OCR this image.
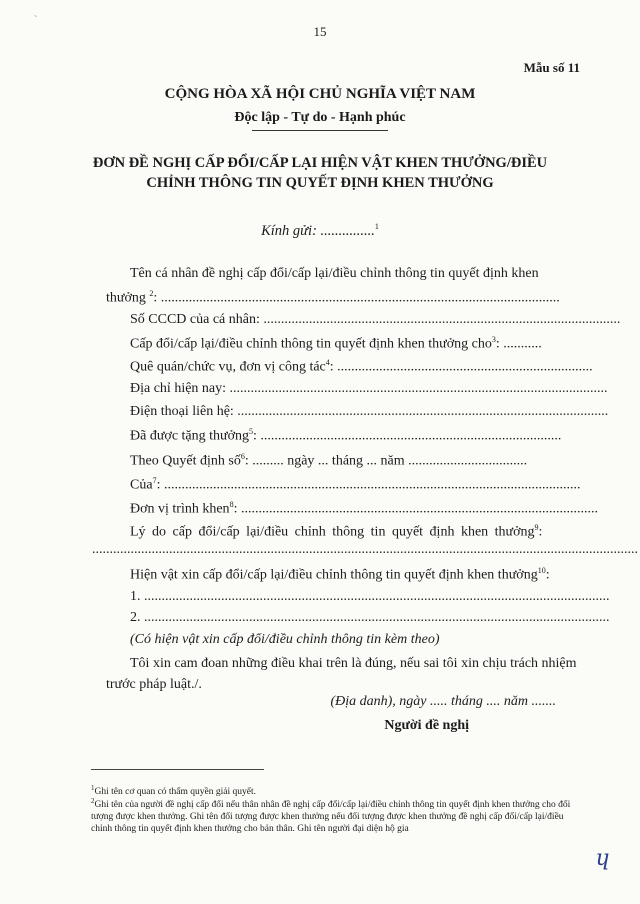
`
15
Mẫu số 11
CỘNG HÒA XÃ HỘI CHỦ NGHĨA VIỆT NAM
Độc lập - Tự do - Hạnh phúc
ĐƠN ĐỀ NGHỊ CẤP ĐỔI/CẤP LẠI HIỆN VẬT KHEN THƯỞNG/ĐIỀU
CHỈNH THÔNG TIN QUYẾT ĐỊNH KHEN THƯỞNG
Kính gửi: ...............$^1$
Tên cá nhân đề nghị cấp đổi/cấp lại/điều chỉnh thông tin quyết định khen
thưởng $^2$: ..................................................................................................................
Số CCCD của cá nhân: ......................................................................................................
Cấp đổi/cấp lại/điều chỉnh thông tin quyết định khen thưởng cho$^3$: ...........
Quê quán/chức vụ, đơn vị công tác$^4$: .........................................................................
Địa chỉ hiện nay: ............................................................................................................
Điện thoại liên hệ: ..........................................................................................................
Đã được tặng thưởng$^5$: ......................................................................................
Theo Quyết định số$^6$: ......... ngày ... tháng ... năm ..................................
Của$^7$: .......................................................................................................................
Đơn vị trình khen$^8$: ......................................................................................................
Lý do cấp đổi/cấp lại/điều chỉnh thông tin quyết định khen thưởng$^9$:
............................................................................................................................................................
Hiện vật xin cấp đổi/cấp lại/điều chỉnh thông tin quyết định khen thưởng$^{10}$:
1. .....................................................................................................................................
2. .....................................................................................................................................
(Có hiện vật xin cấp đổi/điều chỉnh thông tin kèm theo)
Tôi xin cam đoan những điều khai trên là đúng, nếu sai tôi xin chịu trách nhiệm
trước pháp luật./.
(Địa danh), ngày ..... tháng .... năm .......
Người đề nghị
$^1$Ghi tên cơ quan có thẩm quyền giải quyết.
$^2$Ghi tên của người đề nghị cấp đổi nếu thân nhân đề nghị cấp đổi/cấp lại/điều chỉnh thông tin quyết định khen thưởng cho đối tượng được khen thưởng. Ghi tên đối tượng được khen thưởng nếu đối tượng được khen thưởng đề nghị cấp đổi/cấp lại/điều chỉnh thông tin quyết định khen thưởng cho bản thân. Ghi tên người đại diện hộ gia
ɥ
